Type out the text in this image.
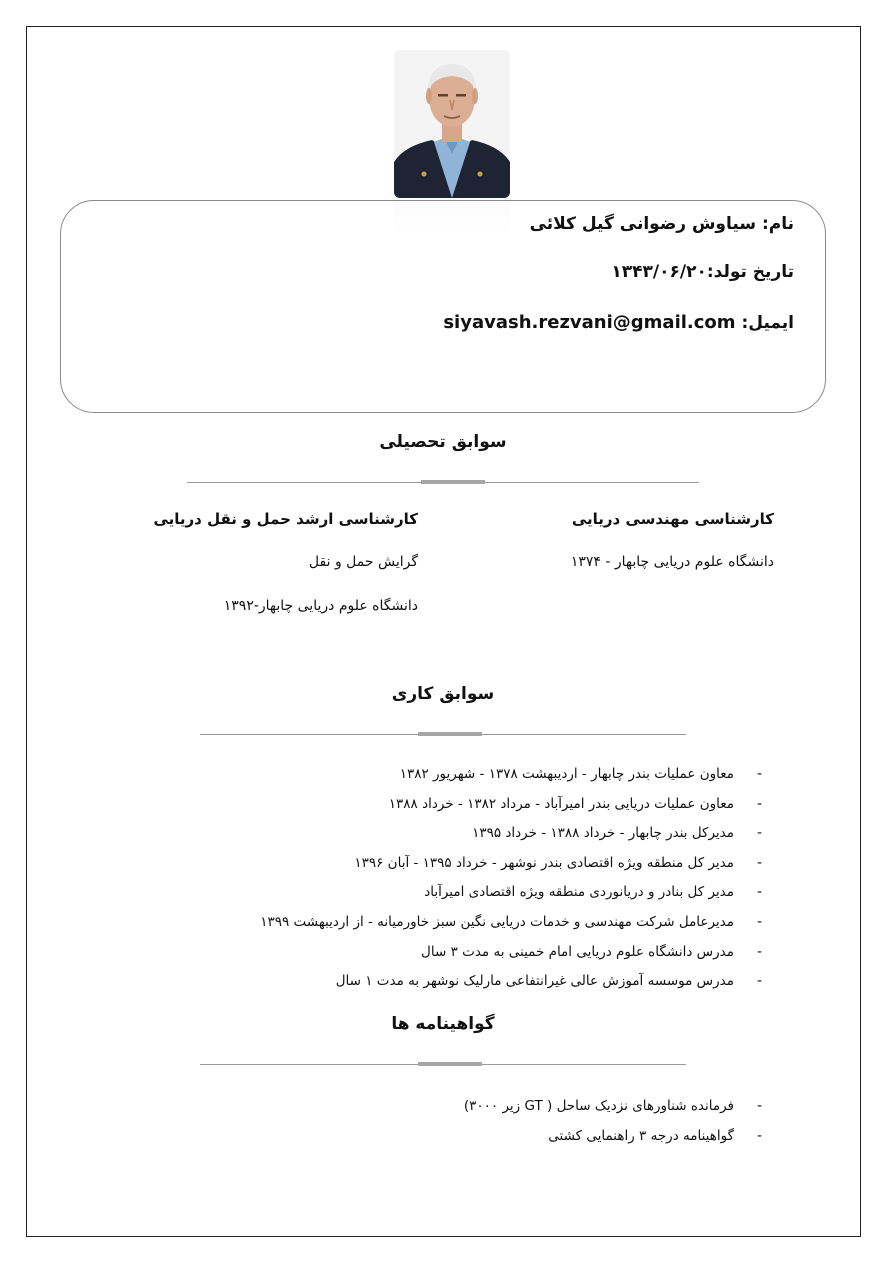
نام: سیاوش رضوانی گیل کلائی
تاریخ تولد:۱۳۴۳/۰۶/۲۰
ایمیل: siyavash.rezvani@gmail.com
سوابق تحصیلی
کارشناسی مهندسی دریایی
دانشگاه علوم دریایی چابهار - ۱۳۷۴
کارشناسی ارشد حمل و نقل دریایی
گرایش حمل و نقل
دانشگاه علوم دریایی چابهار-۱۳۹۲
سوابق کاری
-
معاون عملیات بندر چابهار - اردیبهشت ۱۳۷۸ - شهریور ۱۳۸۲
-
معاون عملیات دریایی بندر امیرآباد - مرداد ۱۳۸۲ - خرداد ۱۳۸۸
-
مدیرکل بندر چابهار - خرداد ۱۳۸۸ - خرداد ۱۳۹۵
-
مدیر کل منطقه ویژه اقتصادی بندر نوشهر - خرداد ۱۳۹۵ - آبان ۱۳۹۶
-
مدیر کل بنادر و دریانوردی منطقه ویژه اقتصادی امیرآباد
-
مدیرعامل شرکت مهندسی و خدمات دریایی نگین سبز خاورمیانه - از اردیبهشت ۱۳۹۹
-
مدرس دانشگاه علوم دریایی امام خمینی به مدت ۳ سال
-
مدرس موسسه آموزش عالی غیرانتفاعی مارلیک نوشهر به مدت ۱ سال
گواهینامه ها
-
فرمانده شناورهای نزدیک ساحل ( GT زیر ۳۰۰۰)
-
گواهینامه درجه ۳ راهنمایی کشتی
